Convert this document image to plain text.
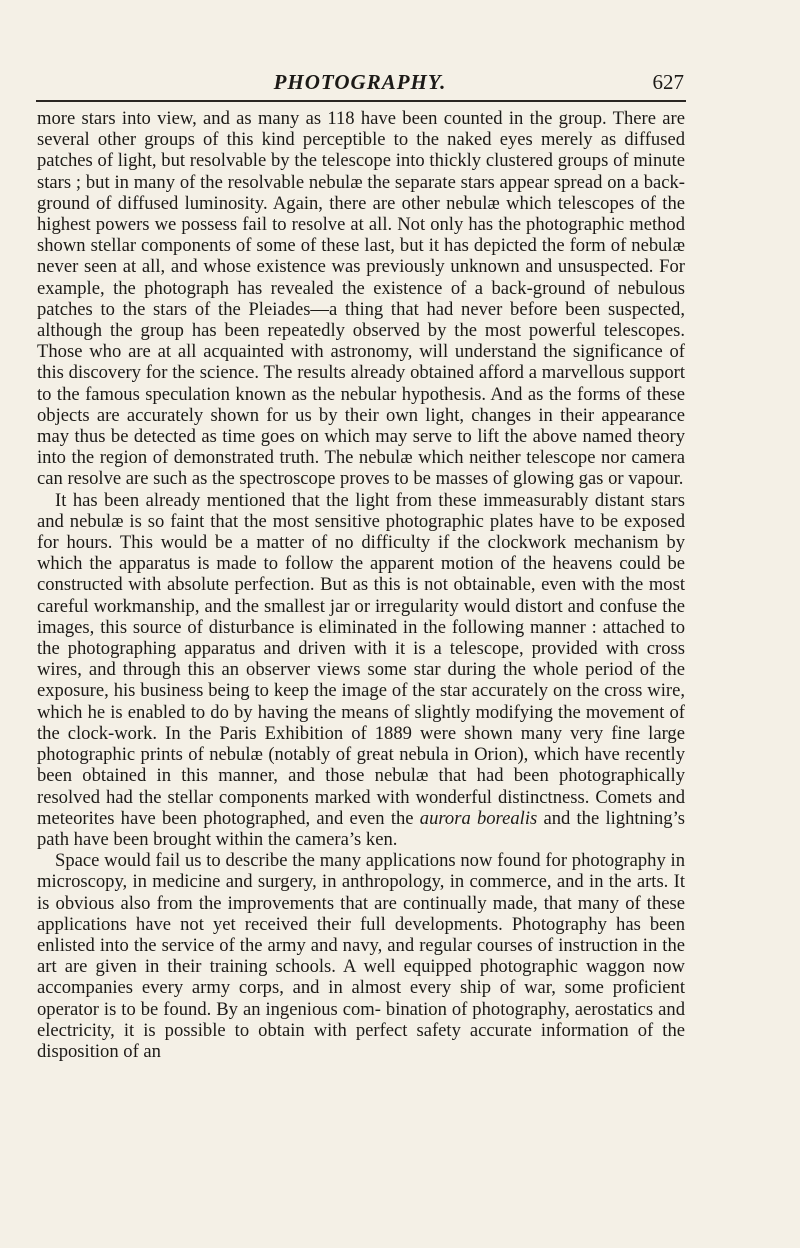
PHOTOGRAPHY.	627

more stars into view, and as many as 118 have been counted in the group. There are several other groups of this kind perceptible to the naked eyes merely as diffused patches of light, but resolvable by the telescope into thickly clustered groups of minute stars ; but in many of the resolvable nebulæ the separate stars appear spread on a back-ground of diffused luminosity. Again, there are other nebulæ which telescopes of the highest powers we possess fail to resolve at all. Not only has the photographic method shown stellar components of some of these last, but it has depicted the form of nebulæ never seen at all, and whose existence was previously unknown and unsuspected. For example, the photograph has revealed the existence of a back-ground of nebulous patches to the stars of the Pleiades—a thing that had never before been suspected, although the group has been repeatedly observed by the most powerful telescopes. Those who are at all acquainted with astronomy, will understand the significance of this discovery for the science. The results already obtained afford a marvellous support to the famous speculation known as the nebular hypothesis. And as the forms of these objects are accurately shown for us by their own light, changes in their appearance may thus be detected as time goes on which may serve to lift the above named theory into the region of demonstrated truth. The nebulæ which neither telescope nor camera can resolve are such as the spectroscope proves to be masses of glowing gas or vapour.

It has been already mentioned that the light from these immeasurably distant stars and nebulæ is so faint that the most sensitive photographic plates have to be exposed for hours. This would be a matter of no difficulty if the clockwork mechanism by which the apparatus is made to follow the apparent motion of the heavens could be constructed with absolute perfection. But as this is not obtainable, even with the most careful workmanship, and the smallest jar or irregularity would distort and confuse the images, this source of disturbance is eliminated in the following manner : attached to the photographing apparatus and driven with it is a telescope, provided with cross wires, and through this an observer views some star during the whole period of the exposure, his business being to keep the image of the star accurately on the cross wire, which he is enabled to do by having the means of slightly modifying the movement of the clock-work. In the Paris Exhibition of 1889 were shown many very fine large photographic prints of nebulæ (notably of great nebula in Orion), which have recently been obtained in this manner, and those nebulæ that had been photographically resolved had the stellar components marked with wonderful distinctness. Comets and meteorites have been photographed, and even the aurora borealis and the lightning’s path have been brought within the camera’s ken.

Space would fail us to describe the many applications now found for photography in microscopy, in medicine and surgery, in anthropology, in commerce, and in the arts. It is obvious also from the improvements that are continually made, that many of these applications have not yet received their full developments. Photography has been enlisted into the service of the army and navy, and regular courses of instruction in the art are given in their training schools. A well equipped photographic waggon now accompanies every army corps, and in almost every ship of war, some proficient operator is to be found. By an ingenious com- bination of photography, aerostatics and electricity, it is possible to obtain with perfect safety accurate information of the disposition of an
